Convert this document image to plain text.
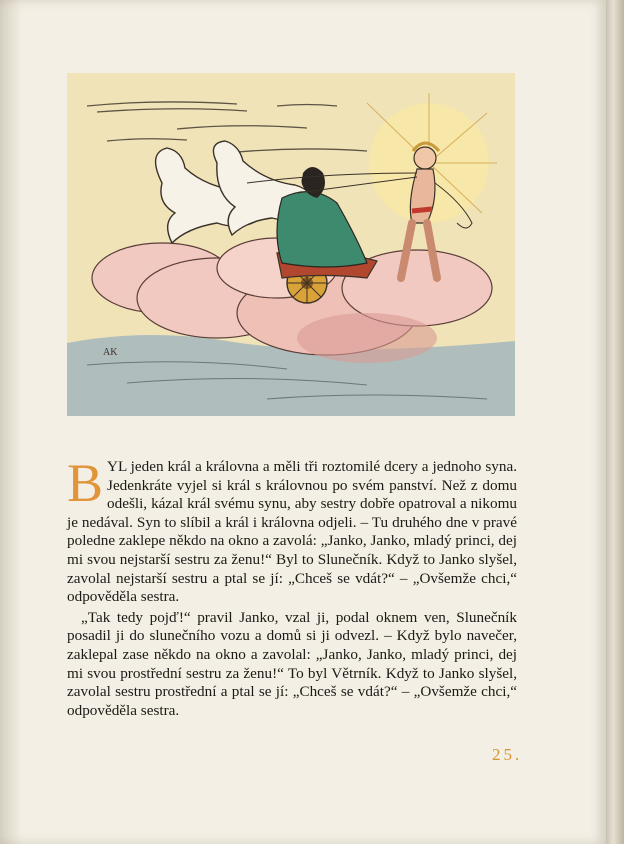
AK

BYL jeden král a královna a měli tři roztomilé dcery a jednoho syna. Jedenkráte vyjel si král s královnou po svém panství. Než z domu odešli, kázal král svému synu, aby sestry dobře opatroval a nikomu je nedával. Syn to slíbil a král i královna odjeli. – Tu druhého dne v pravé poledne zaklepe někdo na okno a zavolá: „Janko, Janko, mladý princi, dej mi svou nejstarší sestru za ženu!“ Byl to Slunečník. Když to Janko slyšel, zavolal nejstarší sestru a ptal se jí: „Chceš se vdát?“ – „Ovšemže chci,“ odpověděla sestra.

„Tak tedy pojď!“ pravil Janko, vzal ji, podal oknem ven, Slunečník posadil ji do slunečního vozu a domů si ji odvezl. – Když bylo navečer, zaklepal zase někdo na okno a zavolal: „Janko, Janko, mladý princi, dej mi svou prostřední sestru za ženu!“ To byl Větrník. Když to Janko slyšel, zavolal sestru prostřední a ptal se jí: „Chceš se vdát?“ – „Ovšemže chci,“ odpověděla sestra.

25.
